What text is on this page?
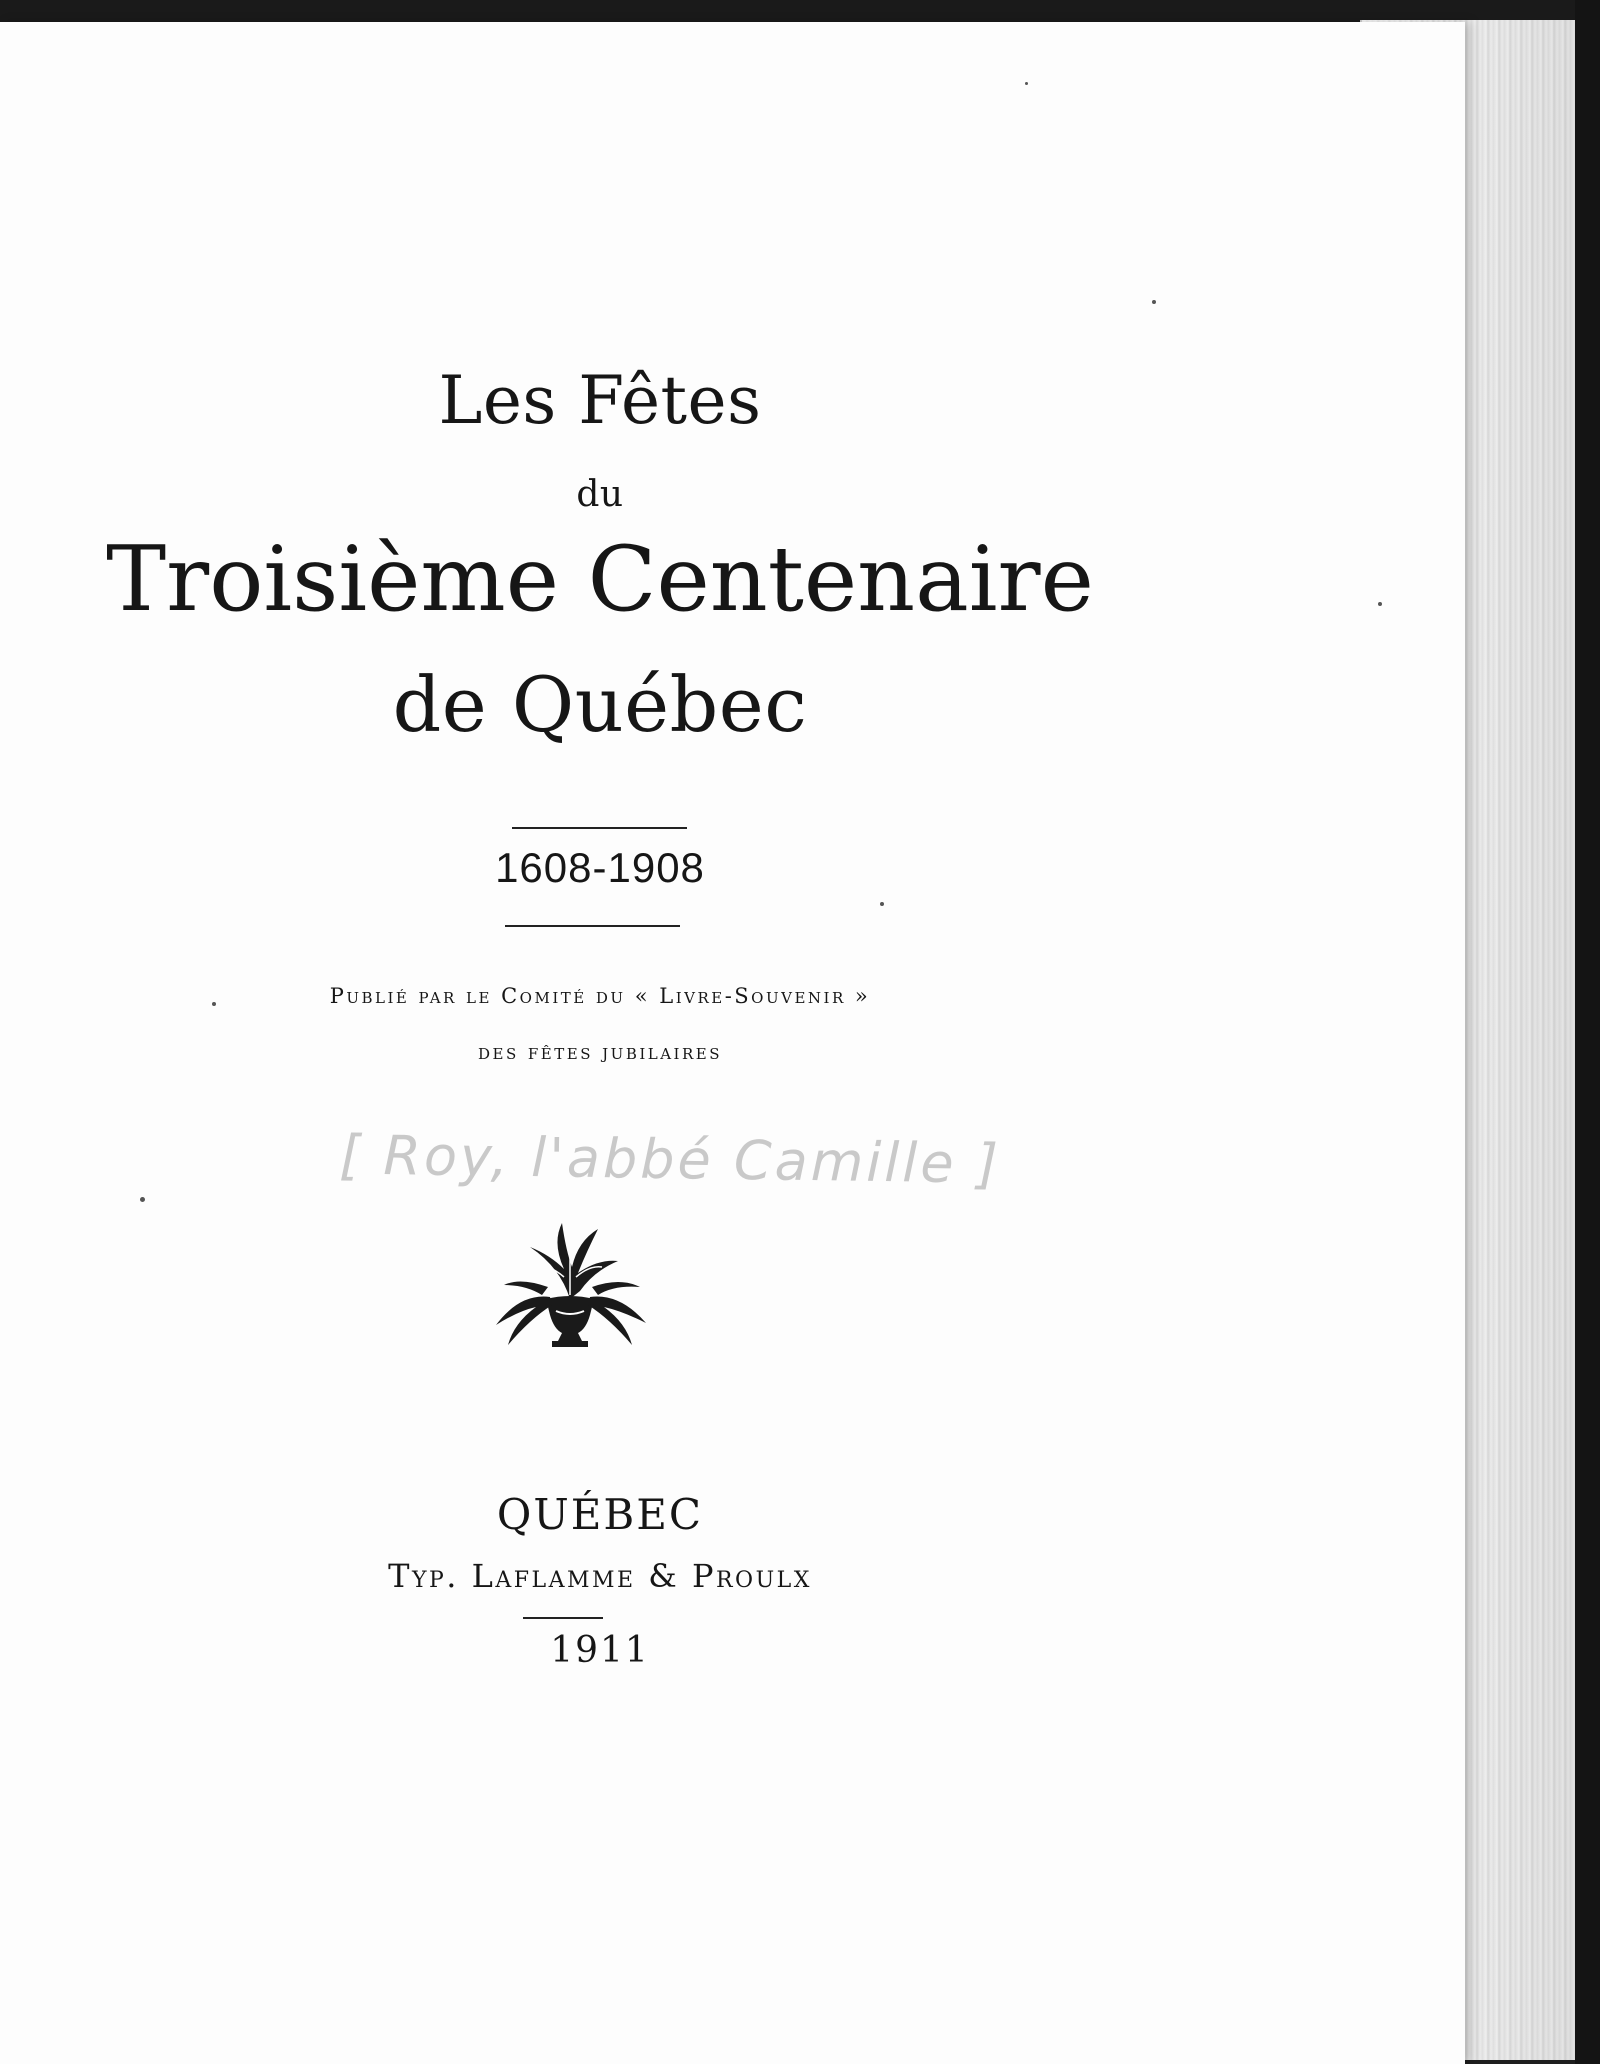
Les Fêtes
du
Troisième Centenaire
de Québec
1608-1908
Publié par le Comité du « Livre-Souvenir »
des fêtes jubilaires
[ Roy, l'abbé Camille ]
QUÉBEC
Typ. Laflamme & Proulx
1911
